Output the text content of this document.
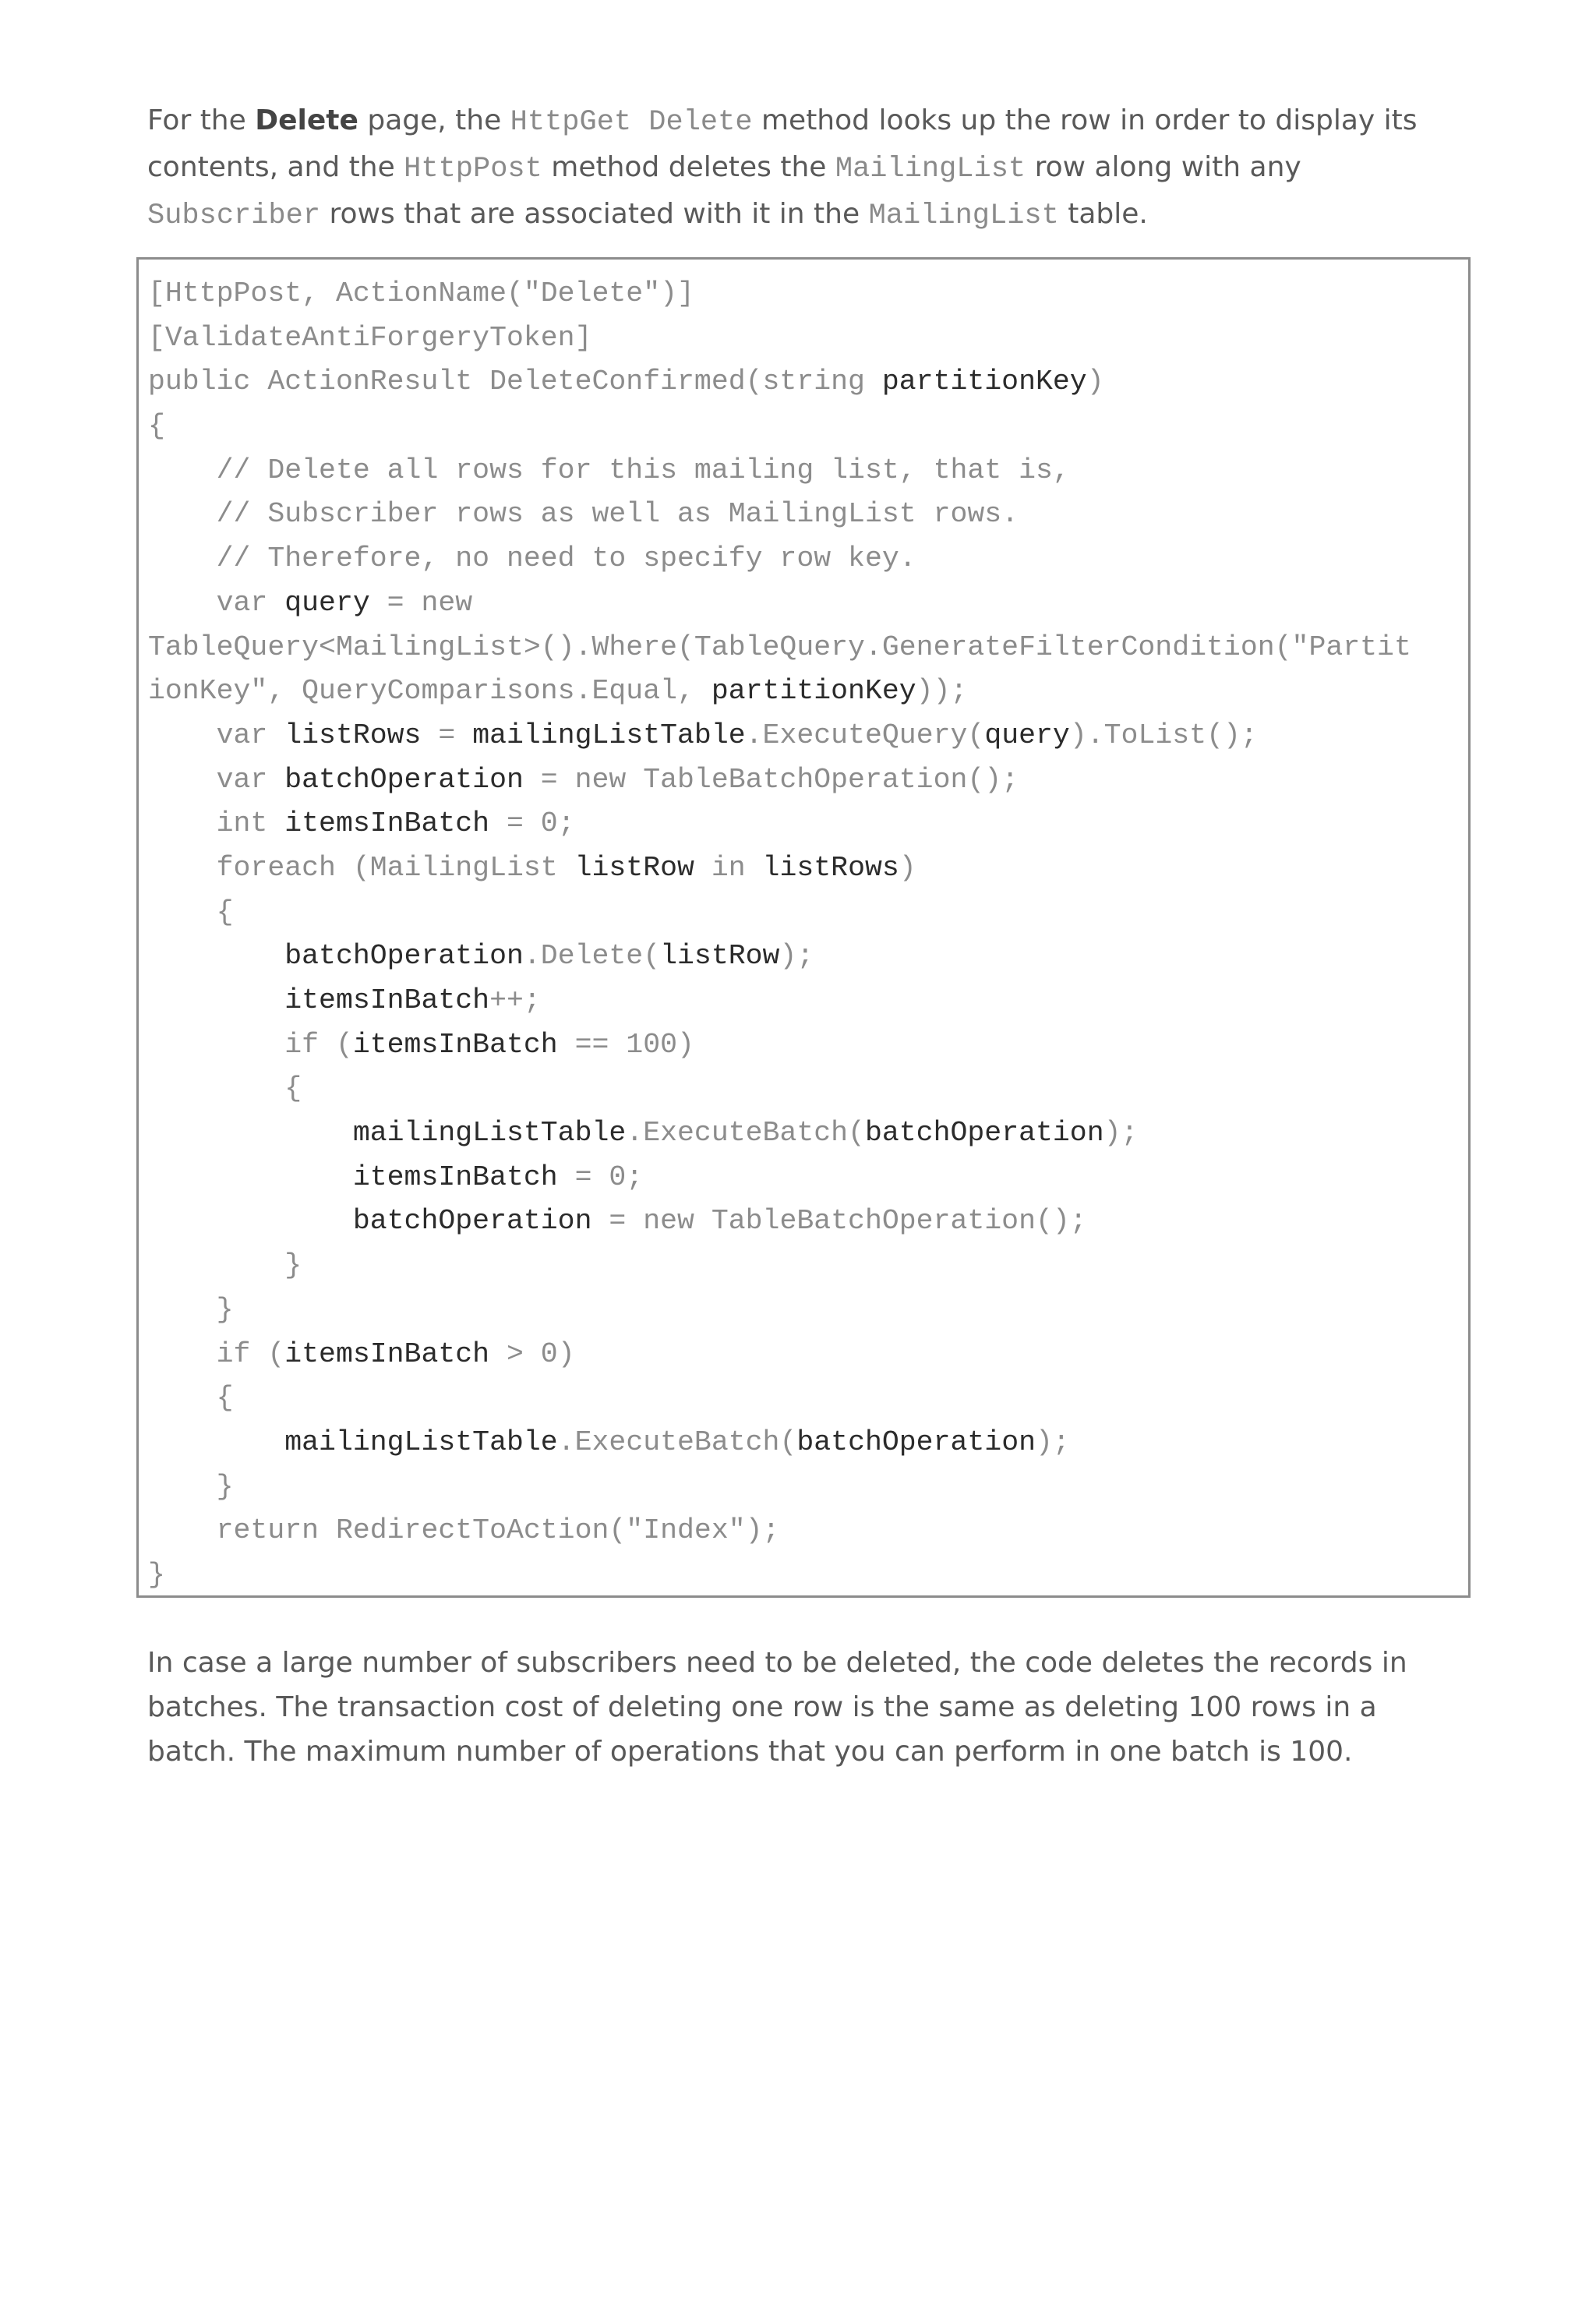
For the Delete page, the HttpGet Delete method looks up the row in order to display its contents, and the HttpPost method deletes the MailingList row along with any Subscriber rows that are associated with it in the MailingList table.

[HttpPost, ActionName("Delete")]
[ValidateAntiForgeryToken]
public ActionResult DeleteConfirmed(string partitionKey)
{
// Delete all rows for this mailing list, that is,
// Subscriber rows as well as MailingList rows.
// Therefore, no need to specify row key.
var query = new
TableQuery<MailingList>().Where(TableQuery.GenerateFilterCondition("Partit
ionKey", QueryComparisons.Equal, partitionKey));
var listRows = mailingListTable.ExecuteQuery(query).ToList();
var batchOperation = new TableBatchOperation();
int itemsInBatch = 0;
foreach (MailingList listRow in listRows)
{
batchOperation.Delete(listRow);
itemsInBatch++;
if (itemsInBatch == 100)
{
mailingListTable.ExecuteBatch(batchOperation);
itemsInBatch = 0;
batchOperation = new TableBatchOperation();
}
}
if (itemsInBatch > 0)
{
mailingListTable.ExecuteBatch(batchOperation);
}
return RedirectToAction("Index");
}

In case a large number of subscribers need to be deleted, the code deletes the records in batches. The transaction cost of deleting one row is the same as deleting 100 rows in a batch. The maximum number of operations that you can perform in one batch is 100.
